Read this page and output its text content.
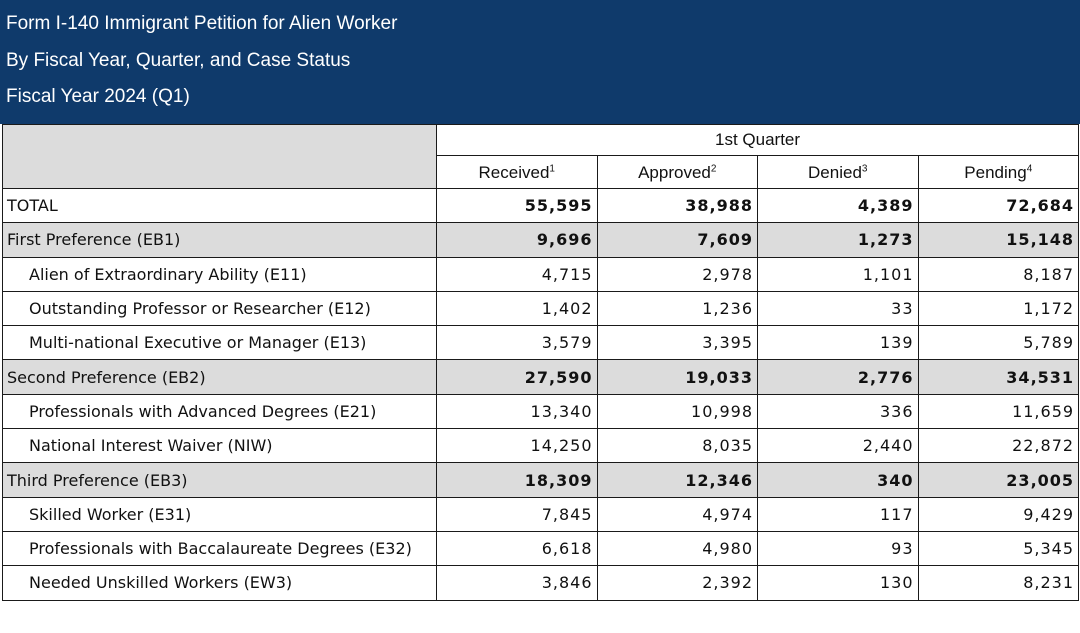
Form I-140 Immigrant Petition for Alien Worker
By Fiscal Year, Quarter, and Case Status
Fiscal Year 2024 (Q1)
	1st Quarter			
	Received$^1$	Approved$^2$	Denied$^3$	Pending$^4$
TOTAL	55,595	38,988	4,389	72,684
First Preference (EB1)	9,696	7,609	1,273	15,148
Alien of Extraordinary Ability (E11)	4,715	2,978	1,101	8,187
Outstanding Professor or Researcher (E12)	1,402	1,236	33	1,172
Multi-national Executive or Manager (E13)	3,579	3,395	139	5,789
Second Preference (EB2)	27,590	19,033	2,776	34,531
Professionals with Advanced Degrees (E21)	13,340	10,998	336	11,659
National Interest Waiver (NIW)	14,250	8,035	2,440	22,872
Third Preference (EB3)	18,309	12,346	340	23,005
Skilled Worker (E31)	7,845	4,974	117	9,429
Professionals with Baccalaureate Degrees (E32)	6,618	4,980	93	5,345
Needed Unskilled Workers (EW3)	3,846	2,392	130	8,231
